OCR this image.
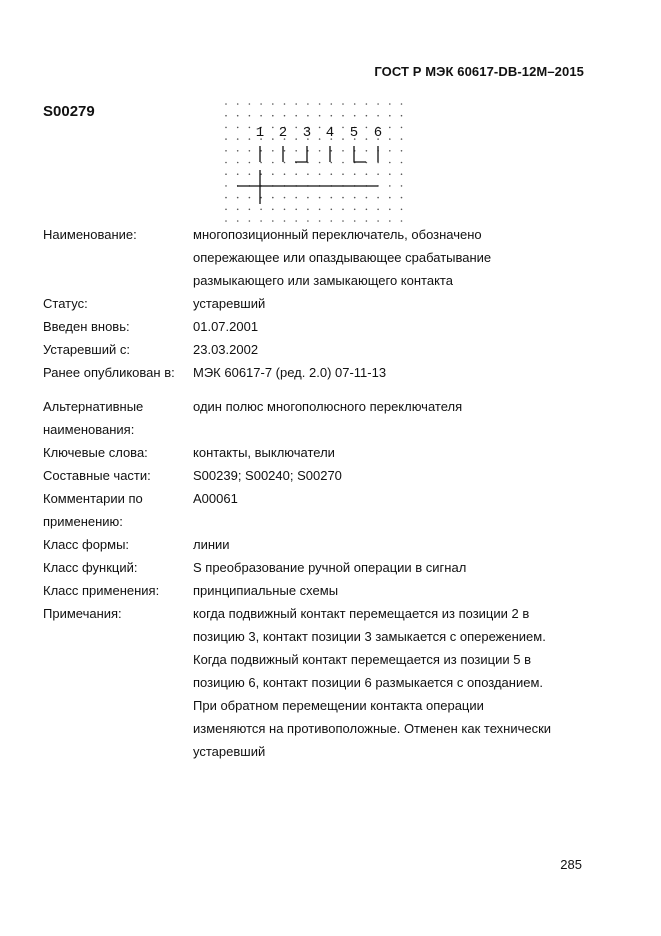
ГОСТ Р МЭК 60617-DB-12M–2015
S00279
1 2 3 4 5 6
Наименование:	многопозиционный переключатель, обозначено опережающее или опаздывающее срабатывание размыкающего или замыкающего контакта
Статус:	устаревший
Введен вновь:	01.07.2001
Устаревший с:	23.03.2002
Ранее опубликован в:	МЭК 60617-7 (ред. 2.0) 07-11-13
Альтернативные наименования:
один полюс многополюсного переключателя
Ключевые слова:	контакты, выключатели
Составные части:	S00239; S00240; S00270
Комментарии по применению:
A00061
Класс формы:	линии
Класс функций:	S преобразование ручной операции в сигнал
Класс применения:	принципиальные схемы
Примечания:	когда подвижный контакт перемещается из позиции 2 в позицию 3, контакт позиции 3 замыкается с опережением. Когда подвижный контакт перемещается из позиции 5 в позицию 6, контакт позиции 6 размыкается с опозданием. При обратном перемещении контакта операции изменяются на противоположные. Отменен как технически устаревший
285
